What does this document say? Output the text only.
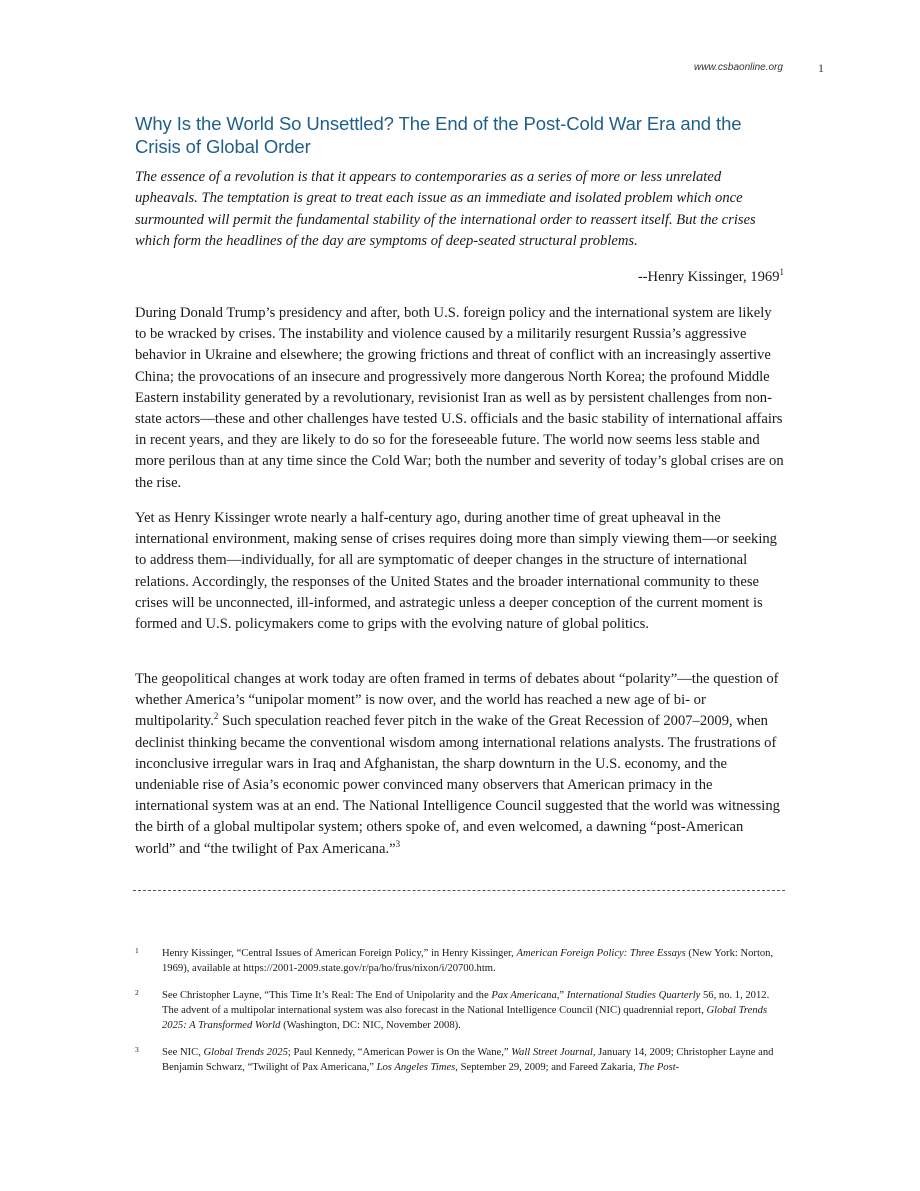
www.csbaonline.org	1
Why Is the World So Unsettled? The End of the Post-Cold War Era and the Crisis of Global Order

The essence of a revolution is that it appears to contemporaries as a series of more or less unrelated upheavals. The temptation is great to treat each issue as an immediate and isolated problem which once surmounted will permit the fundamental stability of the international order to reassert itself. But the crises which form the headlines of the day are symptoms of deep-seated structural problems.

--Henry Kissinger, 1969$^1$

During Donald Trump’s presidency and after, both U.S. foreign policy and the international system are likely to be wracked by crises. The instability and violence caused by a militarily resurgent Russia’s aggressive behavior in Ukraine and elsewhere; the growing frictions and threat of conflict with an increasingly assertive China; the provocations of an insecure and progressively more dangerous North Korea; the profound Middle Eastern instability generated by a revolutionary, revisionist Iran as well as by persistent challenges from non-state actors—these and other challenges have tested U.S. officials and the basic stability of international affairs in recent years, and they are likely to do so for the foreseeable future. The world now seems less stable and more perilous than at any time since the Cold War; both the number and severity of today’s global crises are on the rise.

Yet as Henry Kissinger wrote nearly a half-century ago, during another time of great upheaval in the international environment, making sense of crises requires doing more than simply viewing them—or seeking to address them—individually, for all are symptomatic of deeper changes in the structure of international relations. Accordingly, the responses of the United States and the broader international community to these crises will be unconnected, ill-informed, and astrategic unless a deeper conception of the current moment is formed and U.S. policymakers come to grips with the evolving nature of global politics.

The geopolitical changes at work today are often framed in terms of debates about “polarity”—the question of whether America’s “unipolar moment” is now over, and the world has reached a new age of bi- or multipolarity.$^2$ Such speculation reached fever pitch in the wake of the Great Recession of 2007–2009, when declinist thinking became the conventional wisdom among international relations analysts. The frustrations of inconclusive irregular wars in Iraq and Afghanistan, the sharp downturn in the U.S. economy, and the undeniable rise of Asia’s economic power convinced many observers that American primacy in the international system was at an end. The National Intelligence Council suggested that the world was witnessing the birth of a global multipolar system; others spoke of, and even welcomed, a dawning “post-American world” and “the twilight of Pax Americana.”$^3$

1 Henry Kissinger, “Central Issues of American Foreign Policy,” in Henry Kissinger, American Foreign Policy: Three Essays (New York: Norton, 1969), available at https://2001-2009.state.gov/r/pa/ho/frus/nixon/i/20700.htm.

2 See Christopher Layne, “This Time It’s Real: The End of Unipolarity and the Pax Americana,” International Studies Quarterly 56, no. 1, 2012. The advent of a multipolar international system was also forecast in the National Intelligence Council (NIC) quadrennial report, Global Trends 2025: A Transformed World (Washington, DC: NIC, November 2008).

3 See NIC, Global Trends 2025; Paul Kennedy, “American Power is On the Wane,” Wall Street Journal, January 14, 2009; Christopher Layne and Benjamin Schwarz, “Twilight of Pax Americana,” Los Angeles Times, September 29, 2009; and Fareed Zakaria, The Post-
